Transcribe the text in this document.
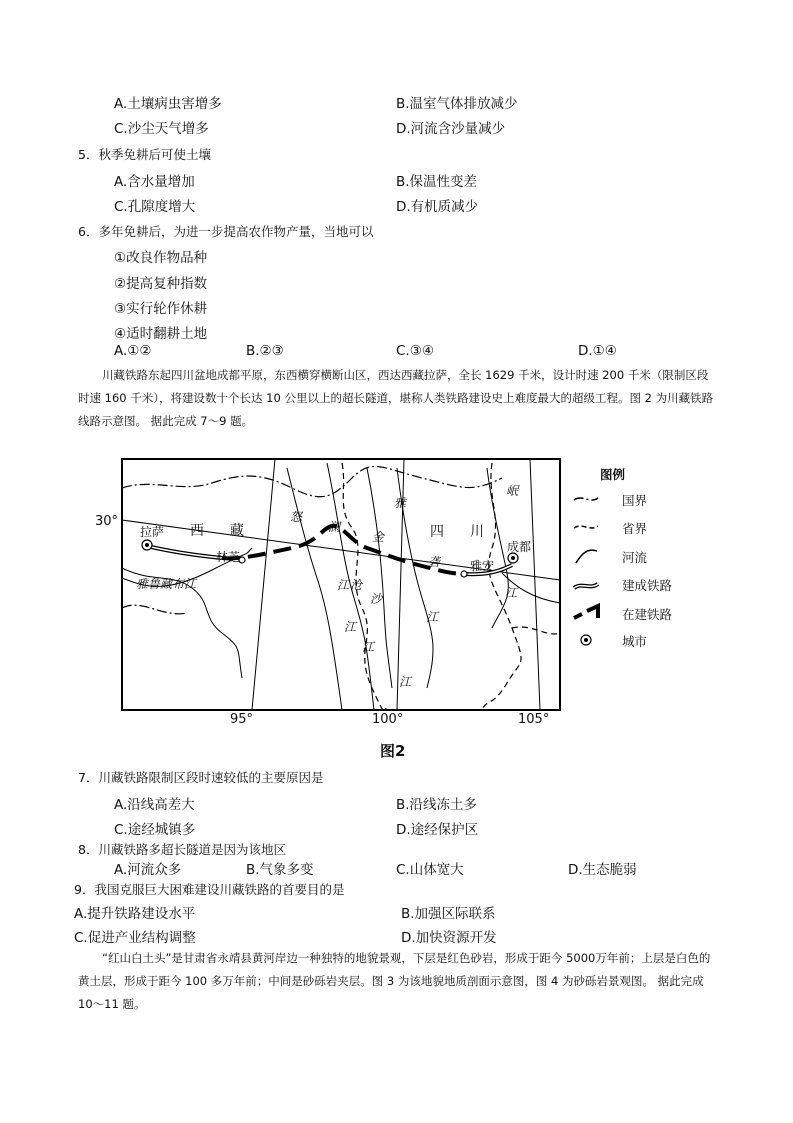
A.土壤病虫害增多	B.温室气体排放减少
C.沙尘天气增多	D.河流含沙量减少
5．秋季免耕后可使土壤
A.含水量增加	B.保温性变差
C.孔隙度增大	D.有机质减少
6．多年免耕后，为进一步提高农作物产量，当地可以
①改良作物品种
②提高复种指数
③实行轮作休耕
④适时翻耕土地
A.①②	B.②③	C.③④	D.①④
川藏铁路东起四川盆地成都平原，东西横穿横断山区，西达西藏拉萨，全长 1629 千米，设计时速 200 千米（限制区段时速 160 千米），将建设数十个长达 10 公里以上的超长隧道，堪称人类铁路建设史上难度最大的超级工程。图 2 为川藏铁路线路示意图。 据此完成 7～9 题。
30°
95°	100°	105°
拉萨 西 藏
林芝
四 川
成都
雅安
雅鲁藏布江
怒
澜
沧
江
金
沙
江
雅
砻
江
岷
江
江
江
图例
国界
省界
河流
建成铁路
在建铁路
城市
图2
7．川藏铁路限制区段时速较低的主要原因是
A.沿线高差大	B.沿线冻土多
C.途经城镇多	D.途经保护区
8．川藏铁路多超长隧道是因为该地区
A.河流众多	B.气象多变	C.山体宽大	D.生态脆弱
9．我国克服巨大困难建设川藏铁路的首要目的是
A.提升铁路建设水平	B.加强区际联系
C.促进产业结构调整	D.加快资源开发
“红山白土头”是甘肃省永靖县黄河岸边一种独特的地貌景观，下层是红色砂岩，形成于距今 5000万年前；上层是白色的黄土层，形成于距今 100 多万年前；中间是砂砾岩夹层。图 3 为该地貌地质剖面示意图，图 4 为砂砾岩景观图。 据此完成 10～11 题。
